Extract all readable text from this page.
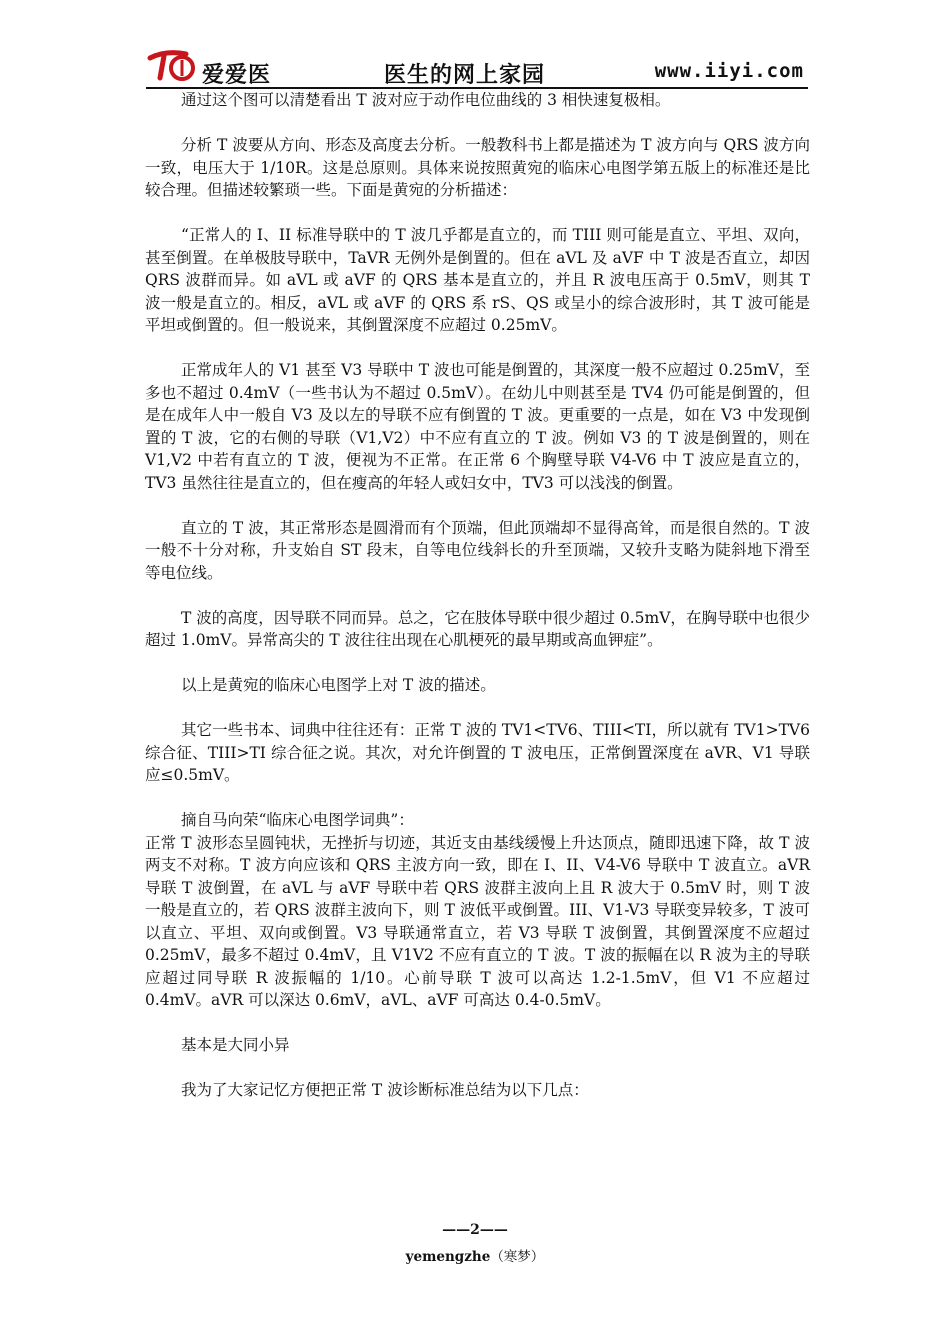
爱爱医	医生的网上家园	www.iiyi.com

通过这个图可以清楚看出 T 波对应于动作电位曲线的 3 相快速复极相。

分析 T 波要从方向、形态及高度去分析。一般教科书上都是描述为 T 波方向与 QRS 波方向一致，电压大于 1/10R。这是总原则。具体来说按照黄宛的临床心电图学第五版上的标准还是比较合理。但描述较繁琐一些。下面是黄宛的分析描述：

“正常人的 I、II 标准导联中的 T 波几乎都是直立的，而 TIII 则可能是直立、平坦、双向，甚至倒置。在单极肢导联中，TaVR 无例外是倒置的。但在 aVL 及 aVF 中 T 波是否直立，却因 QRS 波群而异。如 aVL 或 aVF 的 QRS 基本是直立的，并且 R 波电压高于 0.5mV，则其 T 波一般是直立的。相反，aVL 或 aVF 的 QRS 系 rS、QS 或呈小的综合波形时，其 T 波可能是平坦或倒置的。但一般说来，其倒置深度不应超过 0.25mV。

正常成年人的 V1 甚至 V3 导联中 T 波也可能是倒置的，其深度一般不应超过 0.25mV，至多也不超过 0.4mV（一些书认为不超过 0.5mV）。在幼儿中则甚至是 TV4 仍可能是倒置的，但是在成年人中一般自 V3 及以左的导联不应有倒置的 T 波。更重要的一点是，如在 V3 中发现倒置的 T 波，它的右侧的导联（V1,V2）中不应有直立的 T 波。例如 V3 的 T 波是倒置的，则在 V1,V2 中若有直立的 T 波，便视为不正常。在正常 6 个胸壁导联 V4-V6 中 T 波应是直立的，TV3 虽然往往是直立的，但在瘦高的年轻人或妇女中，TV3 可以浅浅的倒置。

直立的 T 波，其正常形态是圆滑而有个顶端，但此顶端却不显得高耸，而是很自然的。T 波一般不十分对称，升支始自 ST 段末，自等电位线斜长的升至顶端，又较升支略为陡斜地下滑至等电位线。

T 波的高度，因导联不同而异。总之，它在肢体导联中很少超过 0.5mV，在胸导联中也很少超过 1.0mV。异常高尖的 T 波往往出现在心肌梗死的最早期或高血钾症”。

以上是黄宛的临床心电图学上对 T 波的描述。

其它一些书本、词典中往往还有：正常 T 波的 TV1<TV6、TIII<TI，所以就有 TV1>TV6 综合征、TIII>TI 综合征之说。其次，对允许倒置的 T 波电压，正常倒置深度在 aVR、V1 导联应≤0.5mV。

摘自马向荣“临床心电图学词典”：

正常 T 波形态呈圆钝状，无挫折与切迹，其近支由基线缓慢上升达顶点，随即迅速下降，故 T 波两支不对称。T 波方向应该和 QRS 主波方向一致，即在 I、II、V4-V6 导联中 T 波直立。aVR 导联 T 波倒置，在 aVL 与 aVF 导联中若 QRS 波群主波向上且 R 波大于 0.5mV 时，则 T 波一般是直立的，若 QRS 波群主波向下，则 T 波低平或倒置。III、V1-V3 导联变异较多，T 波可以直立、平坦、双向或倒置。V3 导联通常直立，若 V3 导联 T 波倒置，其倒置深度不应超过 0.25mV，最多不超过 0.4mV，且 V1V2 不应有直立的 T 波。T 波的振幅在以 R 波为主的导联应超过同导联 R 波振幅的 1/10。心前导联 T 波可以高达 1.2-1.5mV，但 V1 不应超过 0.4mV。aVR 可以深达 0.6mV，aVL、aVF 可高达 0.4-0.5mV。

基本是大同小异

我为了大家记忆方便把正常 T 波诊断标准总结为以下几点：

——2——
yemengzhe（寒梦）
